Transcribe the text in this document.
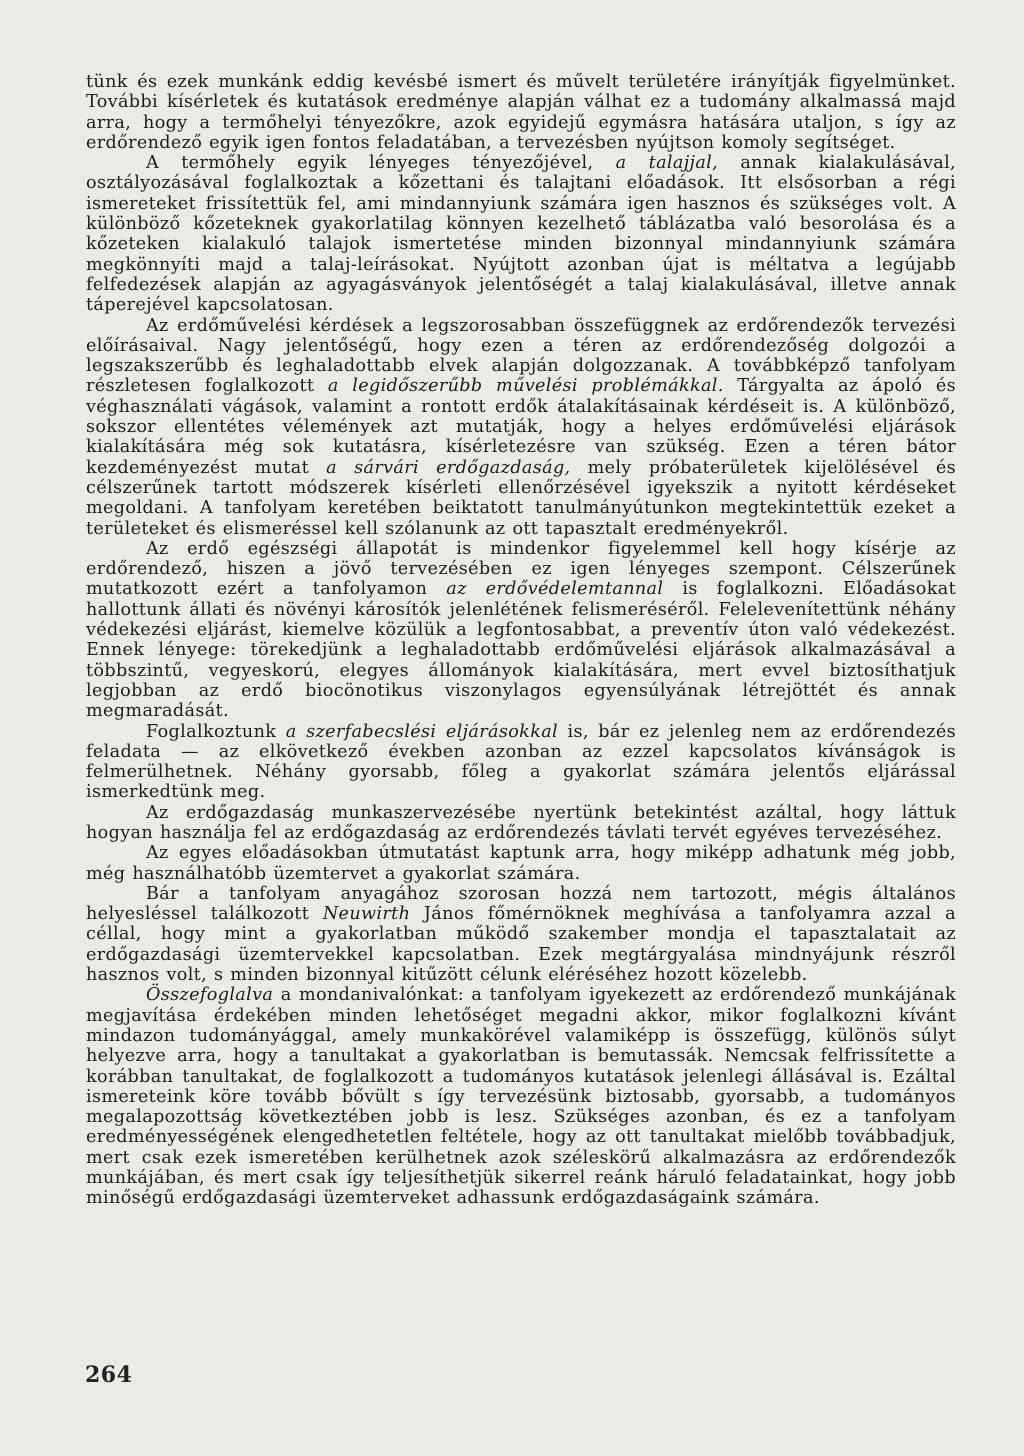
tünk és ezek munkánk eddig kevésbé ismert és művelt területére irányítják figyelmünket. További kísérletek és kutatások eredménye alapján válhat ez a tudomány alkalmassá majd arra, hogy a termőhelyi tényezőkre, azok egyidejű egymásra hatására utaljon, s így az erdőrendező egyik igen fontos feladatában, a tervezésben nyújtson komoly segítséget.

A termőhely egyik lényeges tényezőjével, a talajjal, annak kialakulásával, osztályozásával foglalkoztak a kőzettani és talajtani előadások. Itt elsősorban a régi ismereteket frissítettük fel, ami mindannyiunk számára igen hasznos és szükséges volt. A különböző kőzeteknek gyakorlatilag könnyen kezelhető táblázatba való besorolása és a kőzeteken kialakuló talajok ismertetése minden bizonnyal mindannyiunk számára megkönnyíti majd a talaj-leírásokat. Nyújtott azonban újat is méltatva a legújabb felfedezések alapján az agyagásványok jelentőségét a talaj kialakulásával, illetve annak táperejével kapcsolatosan.

Az erdőművelési kérdések a legszorosabban összefüggnek az erdőrendezők tervezési előírásaival. Nagy jelentőségű, hogy ezen a téren az erdőrendezőség dolgozói a legszakszerűbb és leghaladottabb elvek alapján dolgozzanak. A továbbképző tanfolyam részletesen foglalkozott a legidőszerűbb művelési problémákkal. Tárgyalta az ápoló és véghasználati vágások, valamint a rontott erdők átalakításainak kérdéseit is. A különböző, sokszor ellentétes vélemények azt mutatják, hogy a helyes erdőművelési eljárások kialakítására még sok kutatásra, kísérletezésre van szükség. Ezen a téren bátor kezdeményezést mutat a sárvári erdőgazdaság, mely próbaterületek kijelölésével és célszerűnek tartott módszerek kísérleti ellenőrzésével igyekszik a nyitott kérdéseket megoldani. A tanfolyam keretében beiktatott tanulmányútunkon megtekintettük ezeket a területeket és elismeréssel kell szólanunk az ott tapasztalt eredményekről.

Az erdő egészségi állapotát is mindenkor figyelemmel kell hogy kísérje az erdőrendező, hiszen a jövő tervezésében ez igen lényeges szempont. Célszerűnek mutatkozott ezért a tanfolyamon az erdővédelemtannal is foglalkozni. Előadásokat hallottunk állati és növényi károsítók jelenlétének felismeréséről. Felelevenítettünk néhány védekezési eljárást, kiemelve közülük a legfontosabbat, a preventív úton való védekezést. Ennek lényege: törekedjünk a leghaladottabb erdőművelési eljárások alkalmazásával a többszintű, vegyeskorú, elegyes állományok kialakítására, mert evvel biztosíthatjuk legjobban az erdő biocönotikus viszonylagos egyensúlyának létrejöttét és annak megmaradását.

Foglalkoztunk a szerfabecslési eljárásokkal is, bár ez jelenleg nem az erdőrendezés feladata — az elkövetkező években azonban az ezzel kapcsolatos kívánságok is felmerülhetnek. Néhány gyorsabb, főleg a gyakorlat számára jelentős eljárással ismerkedtünk meg.

Az erdőgazdaság munkaszervezésébe nyertünk betekintést azáltal, hogy láttuk hogyan használja fel az erdőgazdaság az erdőrendezés távlati tervét egyéves tervezéséhez.

Az egyes előadásokban útmutatást kaptunk arra, hogy miképp adhatunk még jobb, még használhatóbb üzemtervet a gyakorlat számára.

Bár a tanfolyam anyagához szorosan hozzá nem tartozott, mégis általános helyesléssel találkozott Neuwirth János főmérnöknek meghívása a tanfolyamra azzal a céllal, hogy mint a gyakorlatban működő szakember mondja el tapasztalatait az erdőgazdasági üzemtervekkel kapcsolatban. Ezek megtárgyalása mindnyájunk részről hasznos volt, s minden bizonnyal kitűzött célunk eléréséhez hozott közelebb.

Összefoglalva a mondanivalónkat: a tanfolyam igyekezett az erdőrendező munkájának megjavítása érdekében minden lehetőséget megadni akkor, mikor foglalkozni kívánt mindazon tudományággal, amely munkakörével valamiképp is összefügg, különös súlyt helyezve arra, hogy a tanultakat a gyakorlatban is bemutassák. Nemcsak felfrissítette a korábban tanultakat, de foglalkozott a tudományos kutatások jelenlegi állásával is. Ezáltal ismereteink köre tovább bővült s így tervezésünk biztosabb, gyorsabb, a tudományos megalapozottság következtében jobb is lesz. Szükséges azonban, és ez a tanfolyam eredményességének elengedhetetlen feltétele, hogy az ott tanultakat mielőbb továbbadjuk, mert csak ezek ismeretében kerülhetnek azok széleskörű alkalmazásra az erdőrendezők munkájában, és mert csak így teljesíthetjük sikerrel reánk háruló feladatainkat, hogy jobb minőségű erdőgazdasági üzemterveket adhassunk erdőgazdaságaink számára.

264
